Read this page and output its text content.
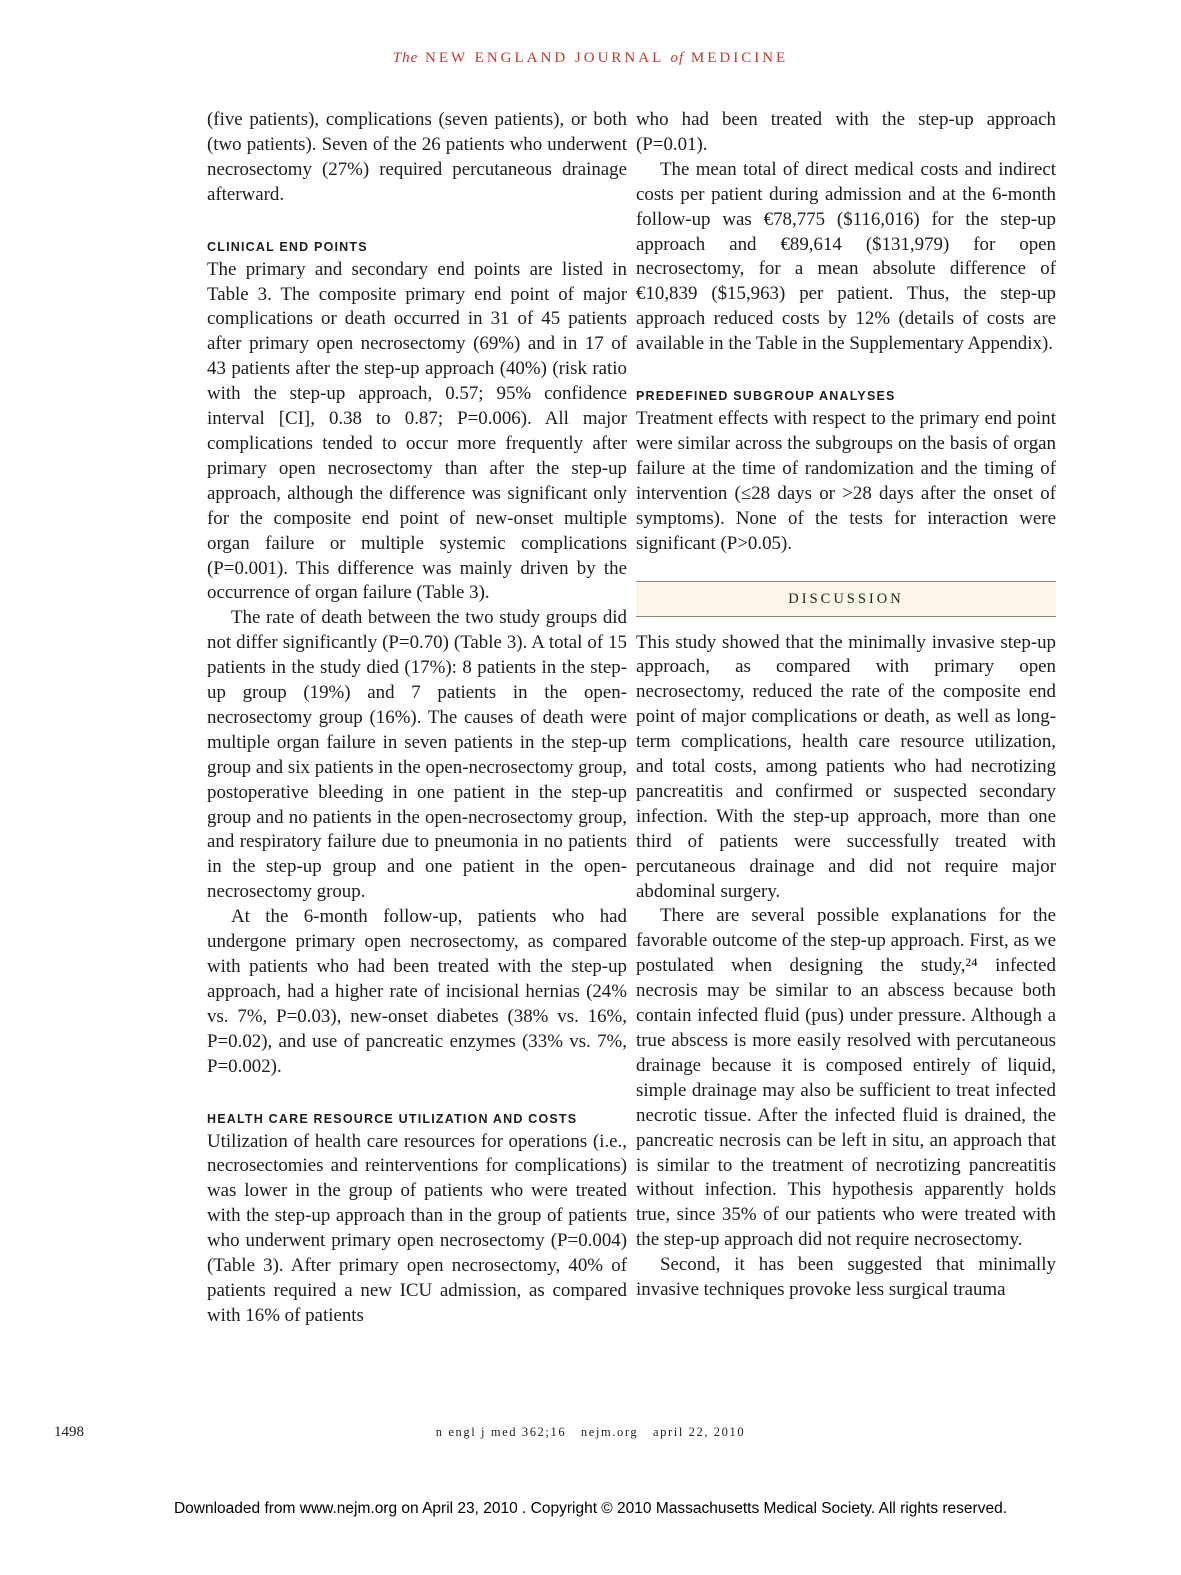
The NEW ENGLAND JOURNAL of MEDICINE

(five patients), complications (seven patients), or both (two patients). Seven of the 26 patients who underwent necrosectomy (27%) required percutaneous drainage afterward.

CLINICAL END POINTS

The primary and secondary end points are listed in Table 3. The composite primary end point of major complications or death occurred in 31 of 45 patients after primary open necrosectomy (69%) and in 17 of 43 patients after the step-up approach (40%) (risk ratio with the step-up approach, 0.57; 95% confidence interval [CI], 0.38 to 0.87; P=0.006). All major complications tended to occur more frequently after primary open necrosectomy than after the step-up approach, although the difference was significant only for the composite end point of new-onset multiple organ failure or multiple systemic complications (P=0.001). This difference was mainly driven by the occurrence of organ failure (Table 3).

The rate of death between the two study groups did not differ significantly (P=0.70) (Table 3). A total of 15 patients in the study died (17%): 8 patients in the step-up group (19%) and 7 patients in the open-necrosectomy group (16%). The causes of death were multiple organ failure in seven patients in the step-up group and six patients in the open-necrosectomy group, postoperative bleeding in one patient in the step-up group and no patients in the open-necrosectomy group, and respiratory failure due to pneumonia in no patients in the step-up group and one patient in the open-necrosectomy group.

At the 6-month follow-up, patients who had undergone primary open necrosectomy, as compared with patients who had been treated with the step-up approach, had a higher rate of incisional hernias (24% vs. 7%, P=0.03), new-onset diabetes (38% vs. 16%, P=0.02), and use of pancreatic enzymes (33% vs. 7%, P=0.002).

HEALTH CARE RESOURCE UTILIZATION AND COSTS

Utilization of health care resources for operations (i.e., necrosectomies and reinterventions for complications) was lower in the group of patients who were treated with the step-up approach than in the group of patients who underwent primary open necrosectomy (P=0.004) (Table 3). After primary open necrosectomy, 40% of patients required a new ICU admission, as compared with 16% of patients

who had been treated with the step-up approach (P=0.01).

The mean total of direct medical costs and indirect costs per patient during admission and at the 6-month follow-up was €78,775 ($116,016) for the step-up approach and €89,614 ($131,979) for open necrosectomy, for a mean absolute difference of €10,839 ($15,963) per patient. Thus, the step-up approach reduced costs by 12% (details of costs are available in the Table in the Supplementary Appendix).

PREDEFINED SUBGROUP ANALYSES

Treatment effects with respect to the primary end point were similar across the subgroups on the basis of organ failure at the time of randomization and the timing of intervention (≤28 days or >28 days after the onset of symptoms). None of the tests for interaction were significant (P>0.05).

DISCUSSION

This study showed that the minimally invasive step-up approach, as compared with primary open necrosectomy, reduced the rate of the composite end point of major complications or death, as well as long-term complications, health care resource utilization, and total costs, among patients who had necrotizing pancreatitis and confirmed or suspected secondary infection. With the step-up approach, more than one third of patients were successfully treated with percutaneous drainage and did not require major abdominal surgery.

There are several possible explanations for the favorable outcome of the step-up approach. First, as we postulated when designing the study,²⁴ infected necrosis may be similar to an abscess because both contain infected fluid (pus) under pressure. Although a true abscess is more easily resolved with percutaneous drainage because it is composed entirely of liquid, simple drainage may also be sufficient to treat infected necrotic tissue. After the infected fluid is drained, the pancreatic necrosis can be left in situ, an approach that is similar to the treatment of necrotizing pancreatitis without infection. This hypothesis apparently holds true, since 35% of our patients who were treated with the step-up approach did not require necrosectomy.

Second, it has been suggested that minimally invasive techniques provoke less surgical trauma

1498	n engl j med 362;16 nejm.org april 22, 2010
Downloaded from www.nejm.org on April 23, 2010 . Copyright © 2010 Massachusetts Medical Society. All rights reserved.
